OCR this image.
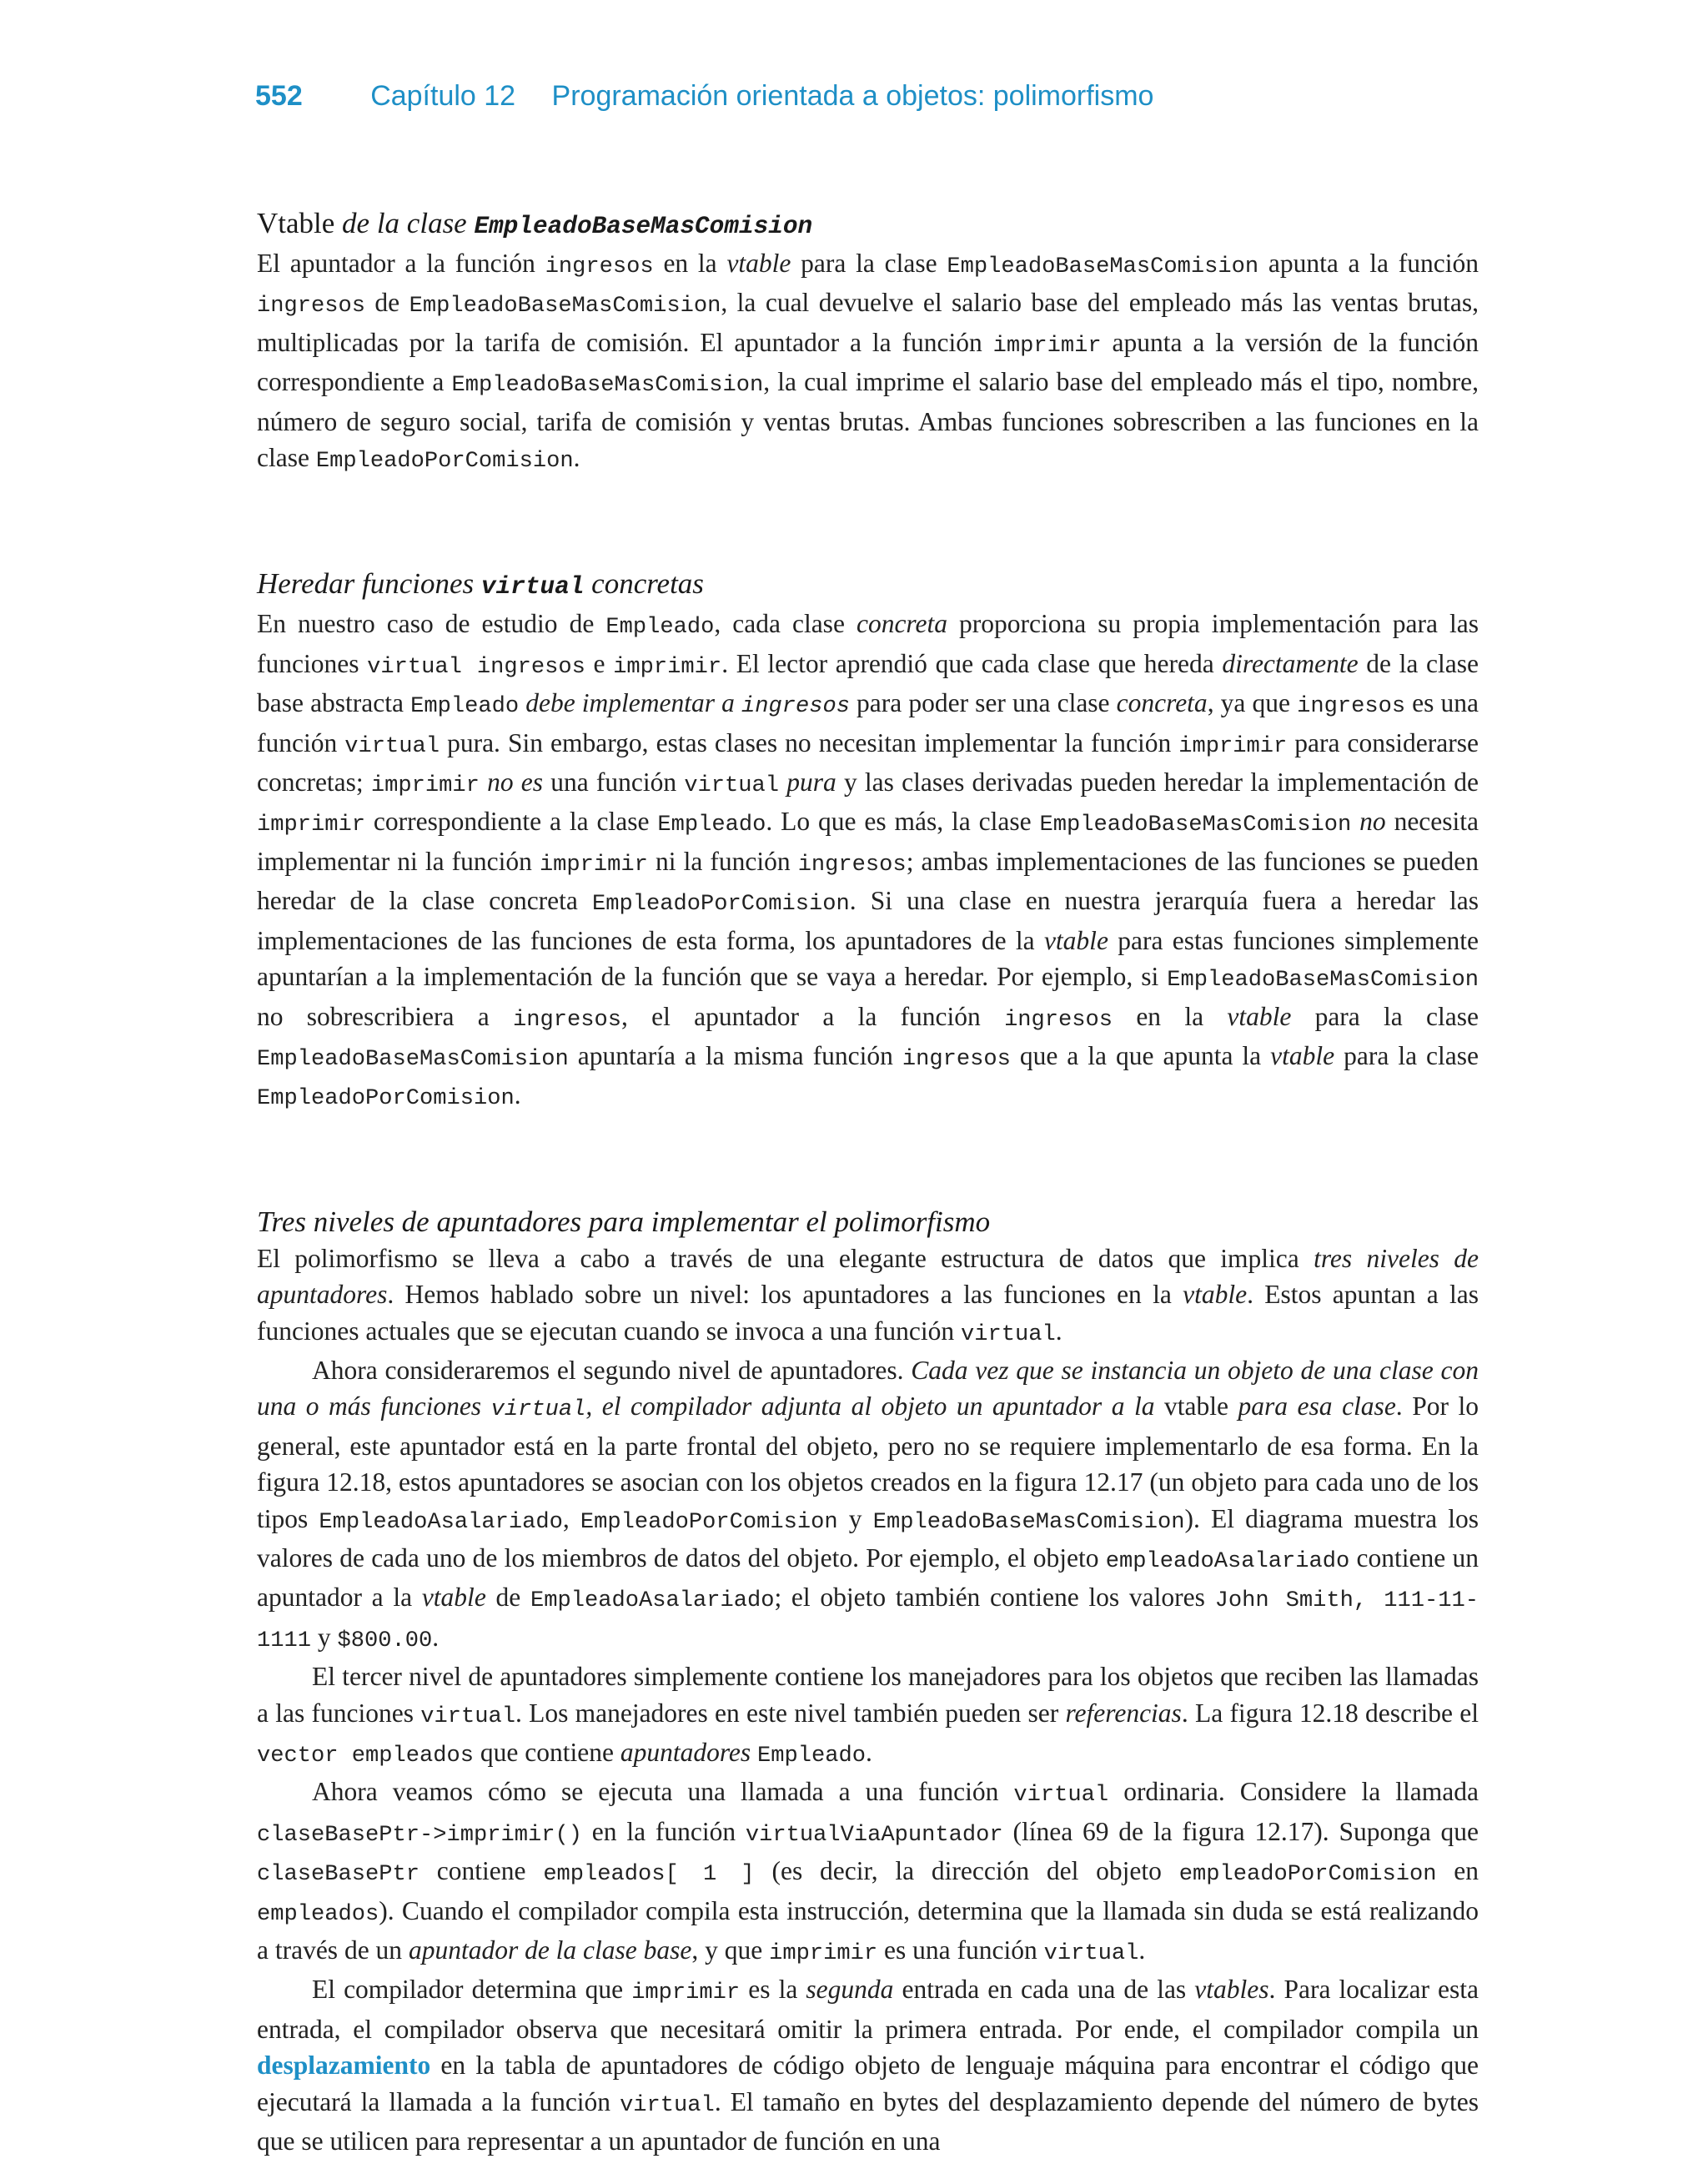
552 Capítulo 12 Programación orientada a objetos: polimorfismo
Vtable de la clase EmpleadoBaseMasComision

El apuntador a la función ingresos en la vtable para la clase EmpleadoBaseMasComision apunta a la función ingresos de EmpleadoBaseMasComision, la cual devuelve el salario base del empleado más las ventas brutas, multiplicadas por la tarifa de comisión. El apuntador a la función imprimir apunta a la versión de la función correspondiente a EmpleadoBaseMasComision, la cual imprime el salario base del empleado más el tipo, nombre, número de seguro social, tarifa de comisión y ventas brutas. Ambas funciones sobrescriben a las funciones en la clase EmpleadoPorComision.

Heredar funciones virtual concretas

En nuestro caso de estudio de Empleado, cada clase concreta proporciona su propia implementación para las funciones virtual ingresos e imprimir. El lector aprendió que cada clase que hereda directamente de la clase base abstracta Empleado debe implementar a ingresos para poder ser una clase concreta, ya que ingresos es una función virtual pura. Sin embargo, estas clases no necesitan implementar la función imprimir para considerarse concretas; imprimir no es una función virtual pura y las clases derivadas pueden heredar la implementación de imprimir correspondiente a la clase Empleado. Lo que es más, la clase EmpleadoBaseMasComision no necesita implementar ni la función imprimir ni la función ingresos; ambas implementaciones de las funciones se pueden heredar de la clase concreta EmpleadoPorComision. Si una clase en nuestra jerarquía fuera a heredar las implementaciones de las funciones de esta forma, los apuntadores de la vtable para estas funciones simplemente apuntarían a la implementación de la función que se vaya a heredar. Por ejemplo, si EmpleadoBaseMasComision no sobrescribiera a ingresos, el apuntador a la función ingresos en la vtable para la clase EmpleadoBaseMasComision apuntaría a la misma función ingresos que a la que apunta la vtable para la clase EmpleadoPorComision.

Tres niveles de apuntadores para implementar el polimorfismo

El polimorfismo se lleva a cabo a través de una elegante estructura de datos que implica tres niveles de apuntadores. Hemos hablado sobre un nivel: los apuntadores a las funciones en la vtable. Estos apuntan a las funciones actuales que se ejecutan cuando se invoca a una función virtual.

Ahora consideraremos el segundo nivel de apuntadores. Cada vez que se instancia un objeto de una clase con una o más funciones virtual, el compilador adjunta al objeto un apuntador a la vtable para esa clase. Por lo general, este apuntador está en la parte frontal del objeto, pero no se requiere implementarlo de esa forma. En la figura 12.18, estos apuntadores se asocian con los objetos creados en la figura 12.17 (un objeto para cada uno de los tipos EmpleadoAsalariado, EmpleadoPorComision y EmpleadoBaseMasComision). El diagrama muestra los valores de cada uno de los miembros de datos del objeto. Por ejemplo, el objeto empleadoAsalariado contiene un apuntador a la vtable de EmpleadoAsalariado; el objeto también contiene los valores John Smith, 111-11-1111 y $800.00.

El tercer nivel de apuntadores simplemente contiene los manejadores para los objetos que reciben las llamadas a las funciones virtual. Los manejadores en este nivel también pueden ser referencias. La figura 12.18 describe el vector empleados que contiene apuntadores Empleado.

Ahora veamos cómo se ejecuta una llamada a una función virtual ordinaria. Considere la llamada claseBasePtr->imprimir() en la función virtualViaApuntador (línea 69 de la figura 12.17). Suponga que claseBasePtr contiene empleados[ 1 ] (es decir, la dirección del objeto empleadoPorComision en empleados). Cuando el compilador compila esta instrucción, determina que la llamada sin duda se está realizando a través de un apuntador de la clase base, y que imprimir es una función virtual.

El compilador determina que imprimir es la segunda entrada en cada una de las vtables. Para localizar esta entrada, el compilador observa que necesitará omitir la primera entrada. Por ende, el compilador compila un desplazamiento en la tabla de apuntadores de código objeto de lenguaje máquina para encontrar el código que ejecutará la llamada a la función virtual. El tamaño en bytes del desplazamiento depende del número de bytes que se utilicen para representar a un apuntador de función en una
